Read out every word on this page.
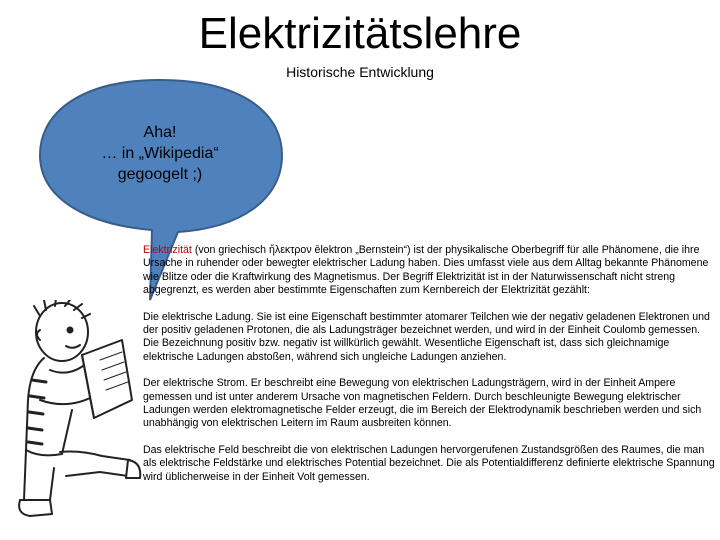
Elektrizitätslehre
Historische Entwicklung
Aha!
… in „Wikipedia“
gegoogelt ;)

Elektrizität (von griechisch ἤλεκτρον ēlektron „Bernstein“) ist der physikalische Oberbegriff für alle Phänomene, die ihre Ursache in ruhender oder bewegter elektrischer Ladung haben. Dies umfasst viele aus dem Alltag bekannte Phänomene wie Blitze oder die Kraftwirkung des Magnetismus. Der Begriff Elektrizität ist in der Naturwissenschaft nicht streng abgegrenzt, es werden aber bestimmte Eigenschaften zum Kernbereich der Elektrizität gezählt:

Die elektrische Ladung. Sie ist eine Eigenschaft bestimmter atomarer Teilchen wie der negativ geladenen Elektronen und der positiv geladenen Protonen, die als Ladungsträger bezeichnet werden, und wird in der Einheit Coulomb gemessen. Die Bezeichnung positiv bzw. negativ ist willkürlich gewählt. Wesentliche Eigenschaft ist, dass sich gleichnamige elektrische Ladungen abstoßen, während sich ungleiche Ladungen anziehen.

Der elektrische Strom. Er beschreibt eine Bewegung von elektrischen Ladungsträgern, wird in der Einheit Ampere gemessen und ist unter anderem Ursache von magnetischen Feldern. Durch beschleunigte Bewegung elektrischer Ladungen werden elektromagnetische Felder erzeugt, die im Bereich der Elektrodynamik beschrieben werden und sich unabhängig von elektrischen Leitern im Raum ausbreiten können.

Das elektrische Feld beschreibt die von elektrischen Ladungen hervorgerufenen Zustandsgrößen des Raumes, die man als elektrische Feldstärke und elektrisches Potential bezeichnet. Die als Potentialdifferenz definierte elektrische Spannung wird üblicherweise in der Einheit Volt gemessen.
